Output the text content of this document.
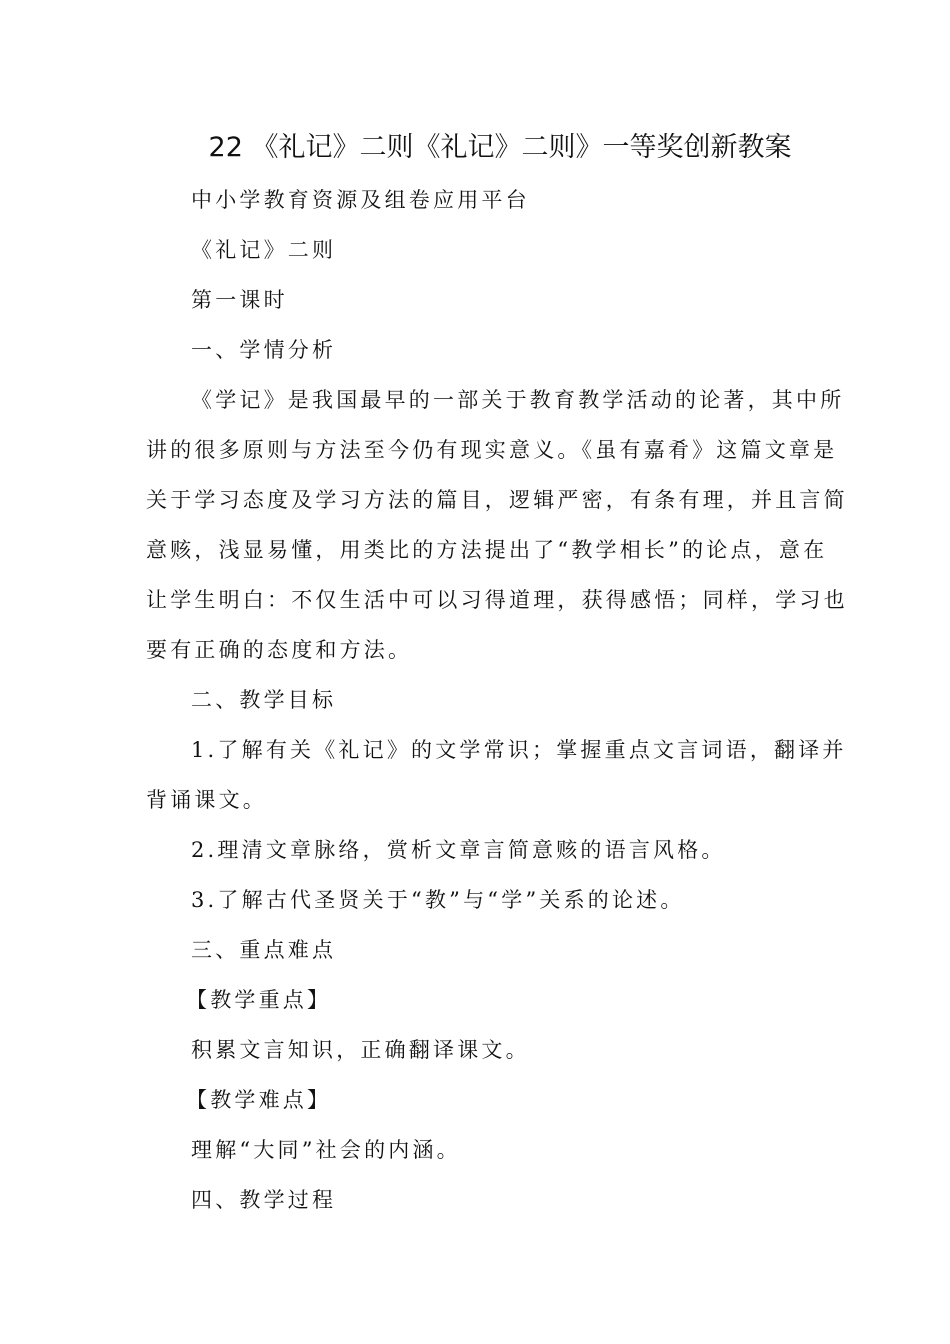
22 《礼记》二则《礼记》二则》一等奖创新教案
中小学教育资源及组卷应用平台
《礼记》二则
第一课时
一、学情分析
《学记》是我国最早的一部关于教育教学活动的论著，其中所
讲的很多原则与方法至今仍有现实意义。《虽有嘉肴》这篇文章是
关于学习态度及学习方法的篇目，逻辑严密，有条有理，并且言简
意赅，浅显易懂，用类比的方法提出了“教学相长”的论点，意在
让学生明白：不仅生活中可以习得道理，获得感悟；同样，学习也
要有正确的态度和方法。
二、教学目标
1.了解有关《礼记》的文学常识；掌握重点文言词语，翻译并
背诵课文。
2.理清文章脉络，赏析文章言简意赅的语言风格。
3.了解古代圣贤关于“教”与“学”关系的论述。
三、重点难点
【教学重点】
积累文言知识，正确翻译课文。
【教学难点】
理解“大同”社会的内涵。
四、教学过程
